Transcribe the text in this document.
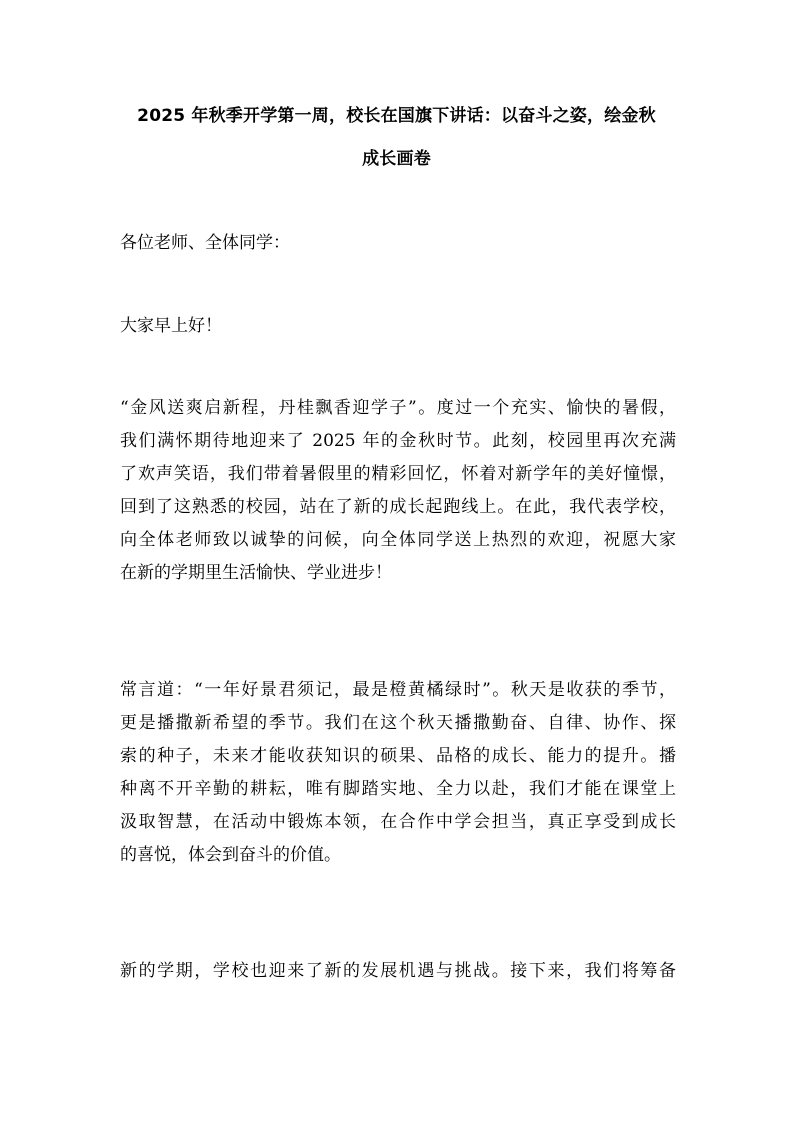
2025 年秋季开学第一周，校长在国旗下讲话：以奋斗之姿，绘金秋
成长画卷
各位老师、全体同学：
大家早上好！
“金风送爽启新程，丹桂飘香迎学子”。度过一个充实、愉快的暑假，
我们满怀期待地迎来了 2025 年的金秋时节。此刻，校园里再次充满
了欢声笑语，我们带着暑假里的精彩回忆，怀着对新学年的美好憧憬，
回到了这熟悉的校园，站在了新的成长起跑线上。在此，我代表学校，
向全体老师致以诚挚的问候，向全体同学送上热烈的欢迎，祝愿大家
在新的学期里生活愉快、学业进步！
常言道：“一年好景君须记，最是橙黄橘绿时”。秋天是收获的季节，
更是播撒新希望的季节。我们在这个秋天播撒勤奋、自律、协作、探
索的种子，未来才能收获知识的硕果、品格的成长、能力的提升。播
种离不开辛勤的耕耘，唯有脚踏实地、全力以赴，我们才能在课堂上
汲取智慧，在活动中锻炼本领，在合作中学会担当，真正享受到成长
的喜悦，体会到奋斗的价值。
新的学期，学校也迎来了新的发展机遇与挑战。接下来，我们将筹备
